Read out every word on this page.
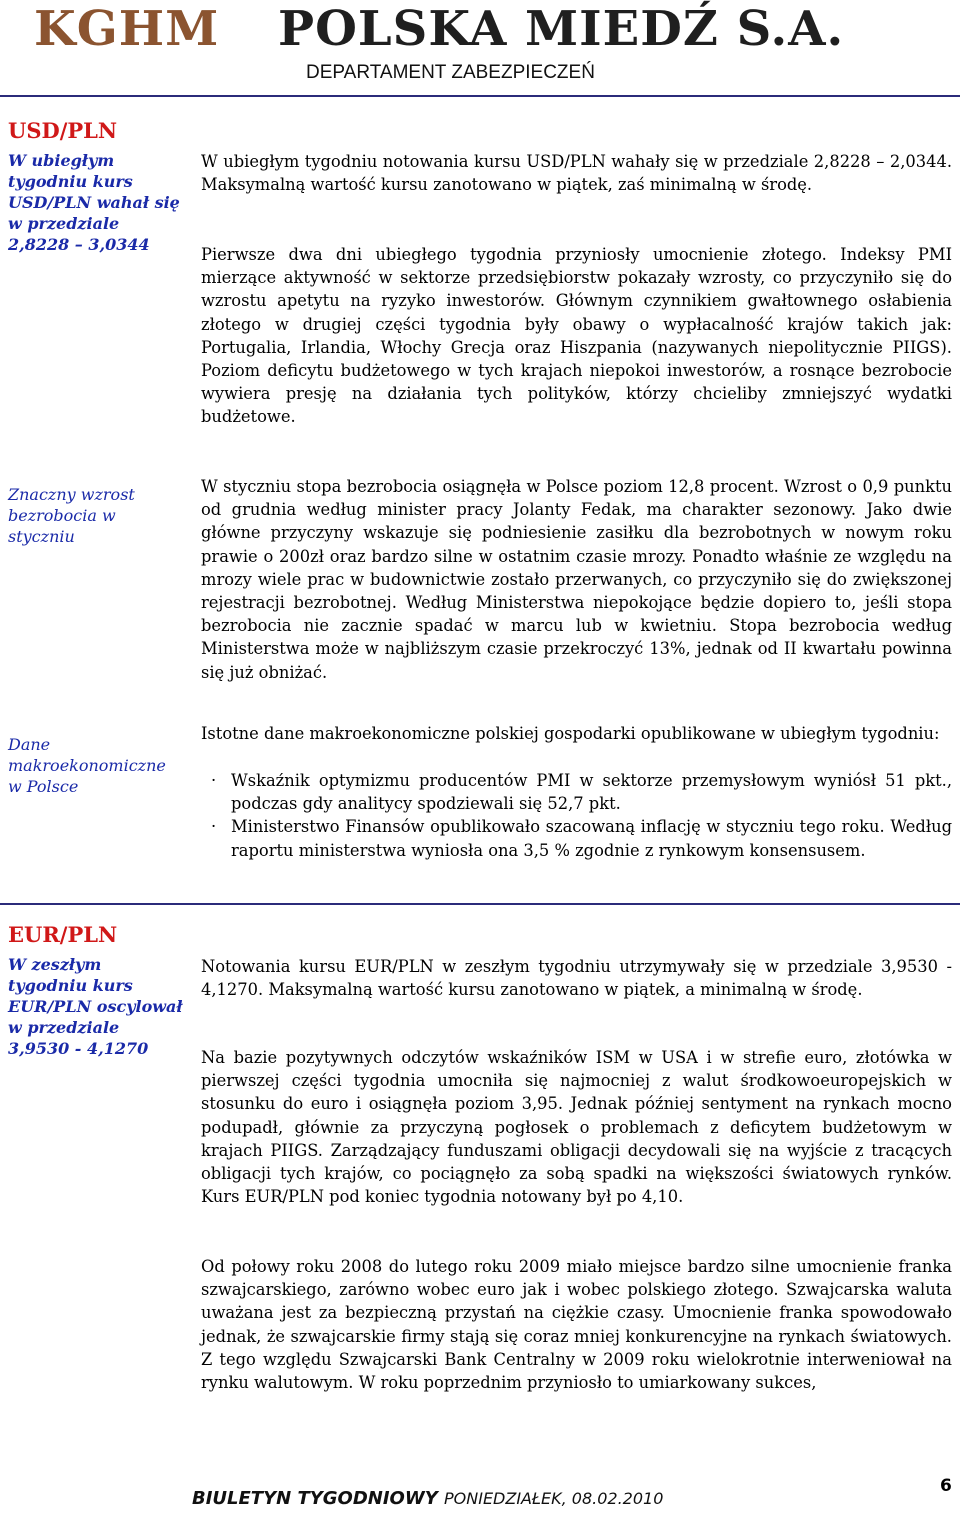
KGHM POLSKA MIEDŹ S.A.
DEPARTAMENT ZABEZPIECZEŃ
USD/PLN
W ubiegłym
tygodniu kurs
USD/PLN wahał się
w przedziale
2,8228 – 3,0344

W ubiegłym tygodniu notowania kursu USD/PLN wahały się w przedziale 2,8228 – 2,0344. Maksymalną wartość kursu zanotowano w piątek, zaś minimalną w środę.

Pierwsze dwa dni ubiegłego tygodnia przyniosły umocnienie złotego. Indeksy PMI mierzące aktywność w sektorze przedsiębiorstw pokazały wzrosty, co przyczyniło się do wzrostu apetytu na ryzyko inwestorów. Głównym czynnikiem gwałtownego osłabienia złotego w drugiej części tygodnia były obawy o wypłacalność krajów takich jak: Portugalia, Irlandia, Włochy Grecja oraz Hiszpania (nazywanych niepolitycznie PIIGS). Poziom deficytu budżetowego w tych krajach niepokoi inwestorów, a rosnące bezrobocie wywiera presję na działania tych polityków, którzy chcieliby zmniejszyć wydatki budżetowe.

Znaczny wzrost
bezrobocia w
styczniu

W styczniu stopa bezrobocia osiągnęła w Polsce poziom 12,8 procent. Wzrost o 0,9 punktu od grudnia według minister pracy Jolanty Fedak, ma charakter sezonowy. Jako dwie główne przyczyny wskazuje się podniesienie zasiłku dla bezrobotnych w nowym roku prawie o 200zł oraz bardzo silne w ostatnim czasie mrozy. Ponadto właśnie ze względu na mrozy wiele prac w budownictwie zostało przerwanych, co przyczyniło się do zwiększonej rejestracji bezrobotnej. Według Ministerstwa niepokojące będzie dopiero to, jeśli stopa bezrobocia nie zacznie spadać w marcu lub w kwietniu. Stopa bezrobocia według Ministerstwa może w najbliższym czasie przekroczyć 13%, jednak od II kwartału powinna się już obniżać.

Dane
makroekonomiczne
w Polsce

Istotne dane makroekonomiczne polskiej gospodarki opublikowane w ubiegłym tygodniu:

· Wskaźnik optymizmu producentów PMI w sektorze przemysłowym wyniósł 51 pkt., podczas gdy analitycy spodziewali się 52,7 pkt.
· Ministerstwo Finansów opublikowało szacowaną inflację w styczniu tego roku. Według raportu ministerstwa wyniosła ona 3,5 % zgodnie z rynkowym konsensusem.
EUR/PLN
W zeszłym
tygodniu kurs
EUR/PLN oscylował
w przedziale
3,9530 - 4,1270

Notowania kursu EUR/PLN w zeszłym tygodniu utrzymywały się w przedziale 3,9530 - 4,1270. Maksymalną wartość kursu zanotowano w piątek, a minimalną w środę.

Na bazie pozytywnych odczytów wskaźników ISM w USA i w strefie euro, złotówka w pierwszej części tygodnia umocniła się najmocniej z walut środkowoeuropejskich w stosunku do euro i osiągnęła poziom 3,95. Jednak później sentyment na rynkach mocno podupadł, głównie za przyczyną pogłosek o problemach z deficytem budżetowym w krajach PIIGS. Zarządzający funduszami obligacji decydowali się na wyjście z tracących obligacji tych krajów, co pociągnęło za sobą spadki na większości światowych rynków. Kurs EUR/PLN pod koniec tygodnia notowany był po 4,10.

Od połowy roku 2008 do lutego roku 2009 miało miejsce bardzo silne umocnienie franka szwajcarskiego, zarówno wobec euro jak i wobec polskiego złotego. Szwajcarska waluta uważana jest za bezpieczną przystań na ciężkie czasy. Umocnienie franka spowodowało jednak, że szwajcarskie firmy stają się coraz mniej konkurencyjne na rynkach światowych. Z tego względu Szwajcarski Bank Centralny w 2009 roku wielokrotnie interweniował na rynku walutowym. W roku poprzednim przyniosło to umiarkowany sukces,

BIULETYN TYGODNIOWY PONIEDZIAŁEK, 08.02.2010
6
